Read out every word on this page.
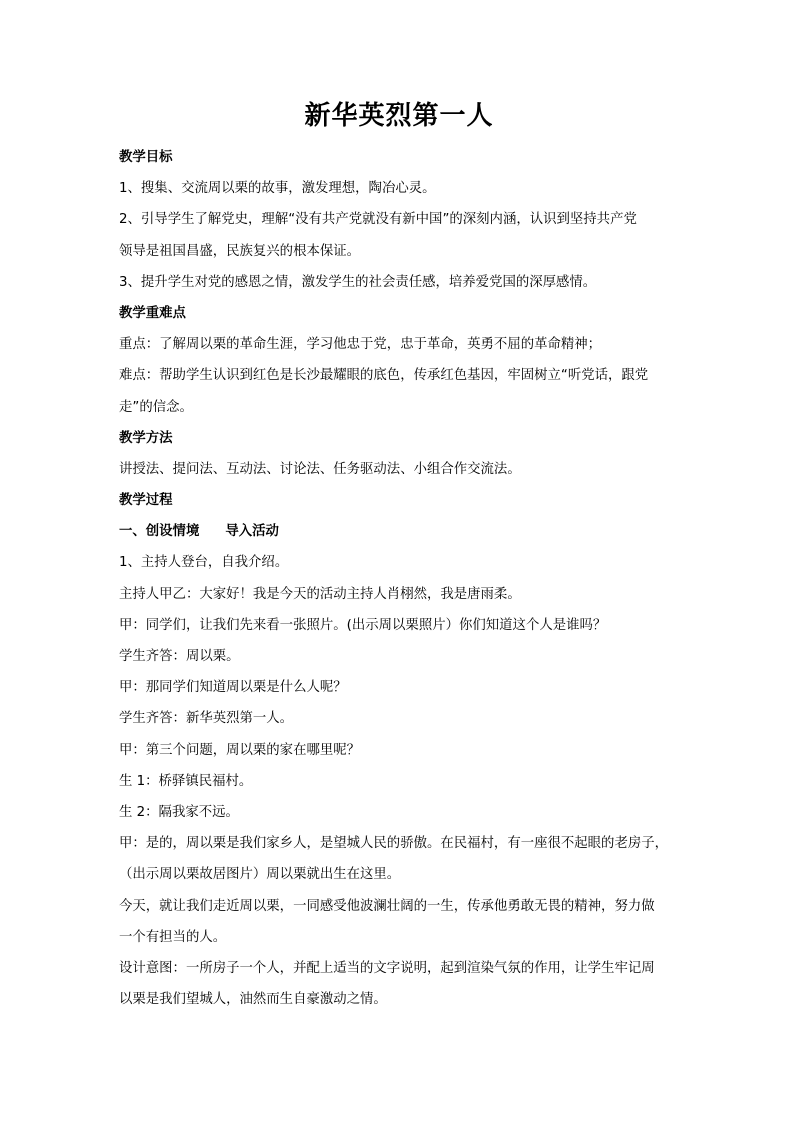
新华英烈第一人
教学目标
1、搜集、交流周以栗的故事，激发理想，陶冶心灵。
2、引导学生了解党史，理解“没有共产党就没有新中国”的深刻内涵，认识到坚持共产党
领导是祖国昌盛，民族复兴的根本保证。
3、提升学生对党的感恩之情，激发学生的社会责任感，培养爱党国的深厚感情。
教学重难点
重点：了解周以栗的革命生涯，学习他忠于党，忠于革命，英勇不屈的革命精神；
难点：帮助学生认识到红色是长沙最耀眼的底色，传承红色基因，牢固树立“听党话，跟党
走”的信念。
教学方法
讲授法、提问法、互动法、讨论法、任务驱动法、小组合作交流法。
教学过程
一、创设情境 导入活动
1、主持人登台，自我介绍。
主持人甲乙：大家好！我是今天的活动主持人肖栩然，我是唐雨柔。
甲：同学们，让我们先来看一张照片。(出示周以栗照片）你们知道这个人是谁吗？
学生齐答：周以栗。
甲：那同学们知道周以栗是什么人呢？
学生齐答：新华英烈第一人。
甲：第三个问题，周以栗的家在哪里呢？
生 1：桥驿镇民福村。
生 2：隔我家不远。
甲：是的，周以栗是我们家乡人，是望城人民的骄傲。在民福村，有一座很不起眼的老房子，
（出示周以栗故居图片）周以栗就出生在这里。
今天，就让我们走近周以栗，一同感受他波澜壮阔的一生，传承他勇敢无畏的精神，努力做
一个有担当的人。
设计意图：一所房子一个人，并配上适当的文字说明，起到渲染气氛的作用，让学生牢记周
以栗是我们望城人，油然而生自豪激动之情。
